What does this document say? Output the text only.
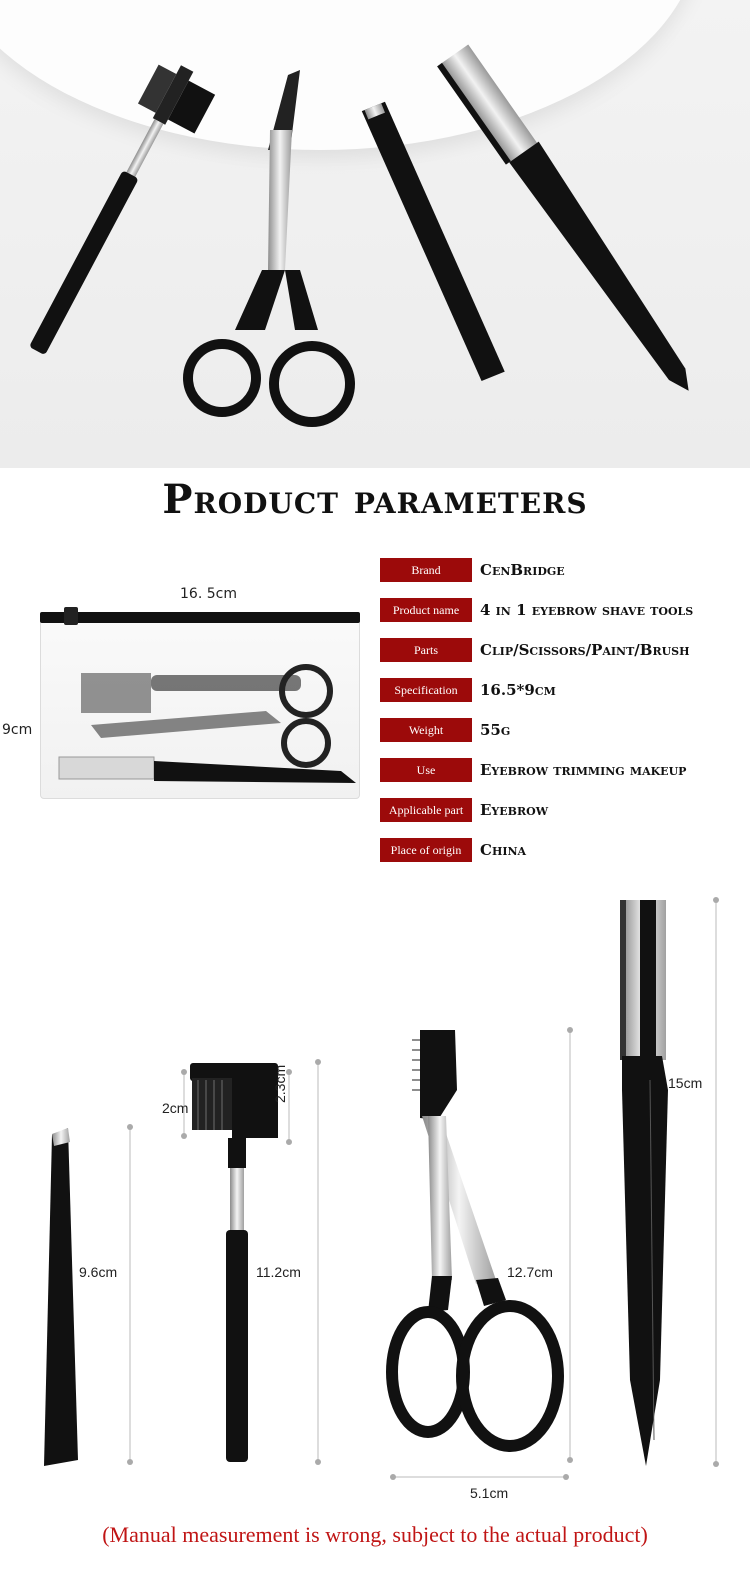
Product parameters
16. 5cm
9cm
Brand	CenBridge
Product name	4 in 1 eyebrow shave tools
Parts	Clip/Scissors/Paint/Brush
Specification	16.5*9cm
Weight	55g
Use	Eyebrow trimming makeup
Applicable part	Eyebrow
Place of origin	China
9.6cm
2cm
2.3cm
11.2cm	12.7cm
5.1cm
15cm
(Manual measurement is wrong, subject to the actual product)
